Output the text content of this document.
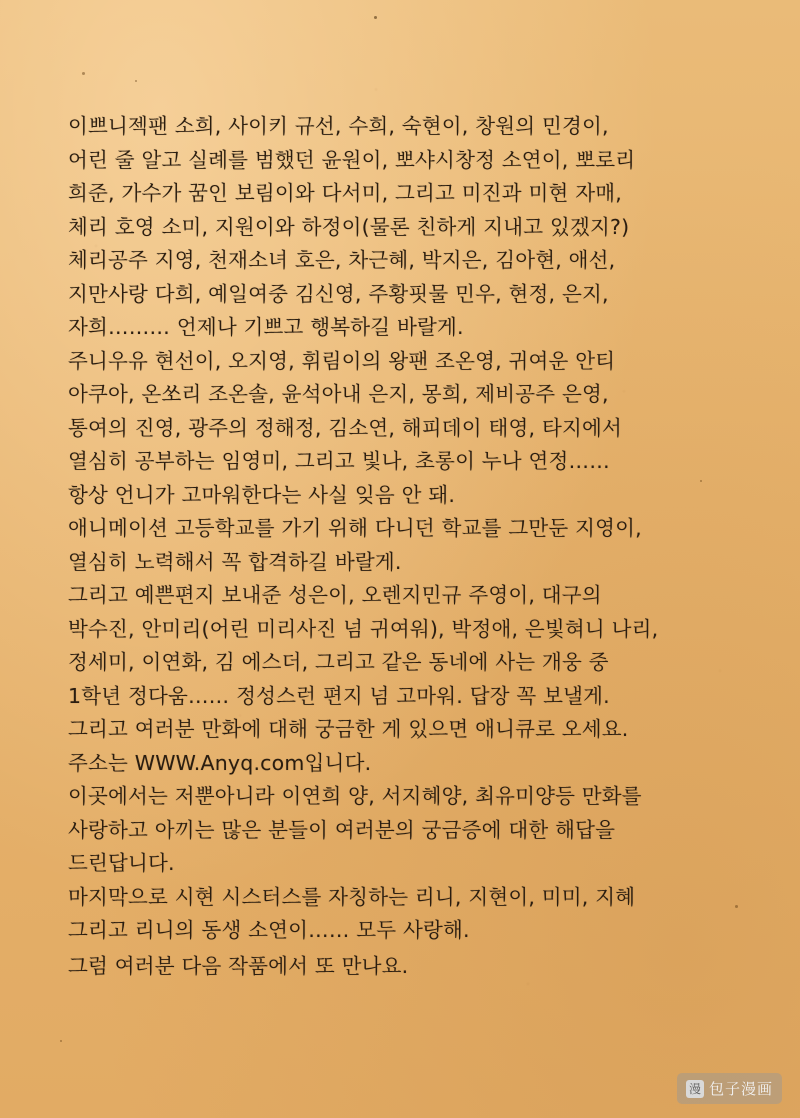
이쁘니젝팬 소희, 사이키 규선, 수희, 숙현이, 창원의 민경이,
어린 줄 알고 실례를 범했던 윤원이, 뽀샤시창정 소연이, 뽀로리
희준, 가수가 꿈인 보림이와 다서미, 그리고 미진과 미현 자매,
체리 호영 소미, 지원이와 하정이(물론 친하게 지내고 있겠지?)
체리공주 지영, 천재소녀 호은, 차근혜, 박지은, 김아현, 애선,
지만사랑 다희, 예일여중 김신영, 주황핏물 민우, 현정, 은지,
자희……… 언제나 기쁘고 행복하길 바랄게.
주니우유 현선이, 오지영, 휘림이의 왕팬 조온영, 귀여운 안티
아쿠아, 온쏘리 조온솔, 윤석아내 은지, 몽희, 제비공주 은영,
통여의 진영, 광주의 정해정, 김소연, 해피데이 태영, 타지에서
열심히 공부하는 임영미, 그리고 빛나, 초롱이 누나 연정……
항상 언니가 고마워한다는 사실 잊음 안 돼.
애니메이션 고등학교를 가기 위해 다니던 학교를 그만둔 지영이,
열심히 노력해서 꼭 합격하길 바랄게.
그리고 예쁜편지 보내준 성은이, 오렌지민규 주영이, 대구의
박수진, 안미리(어린 미리사진 넘 귀여워), 박정애, 은빛혀니 나리,
정세미, 이연화, 김 에스더, 그리고 같은 동네에 사는 개웅 중
1학년 정다움…… 정성스런 편지 넘 고마워. 답장 꼭 보낼게.
그리고 여러분 만화에 대해 궁금한 게 있으면 애니큐로 오세요.
주소는 WWW.Anyq.com입니다.
이곳에서는 저뿐아니라 이연희 양, 서지혜양, 최유미양등 만화를
사랑하고 아끼는 많은 분들이 여러분의 궁금증에 대한 해답을
드린답니다.
마지막으로 시현 시스터스를 자칭하는 리니, 지현이, 미미, 지혜
그리고 리니의 동생 소연이…… 모두 사랑해.
그럼 여러분 다음 작품에서 또 만나요.
漫 包子漫画
